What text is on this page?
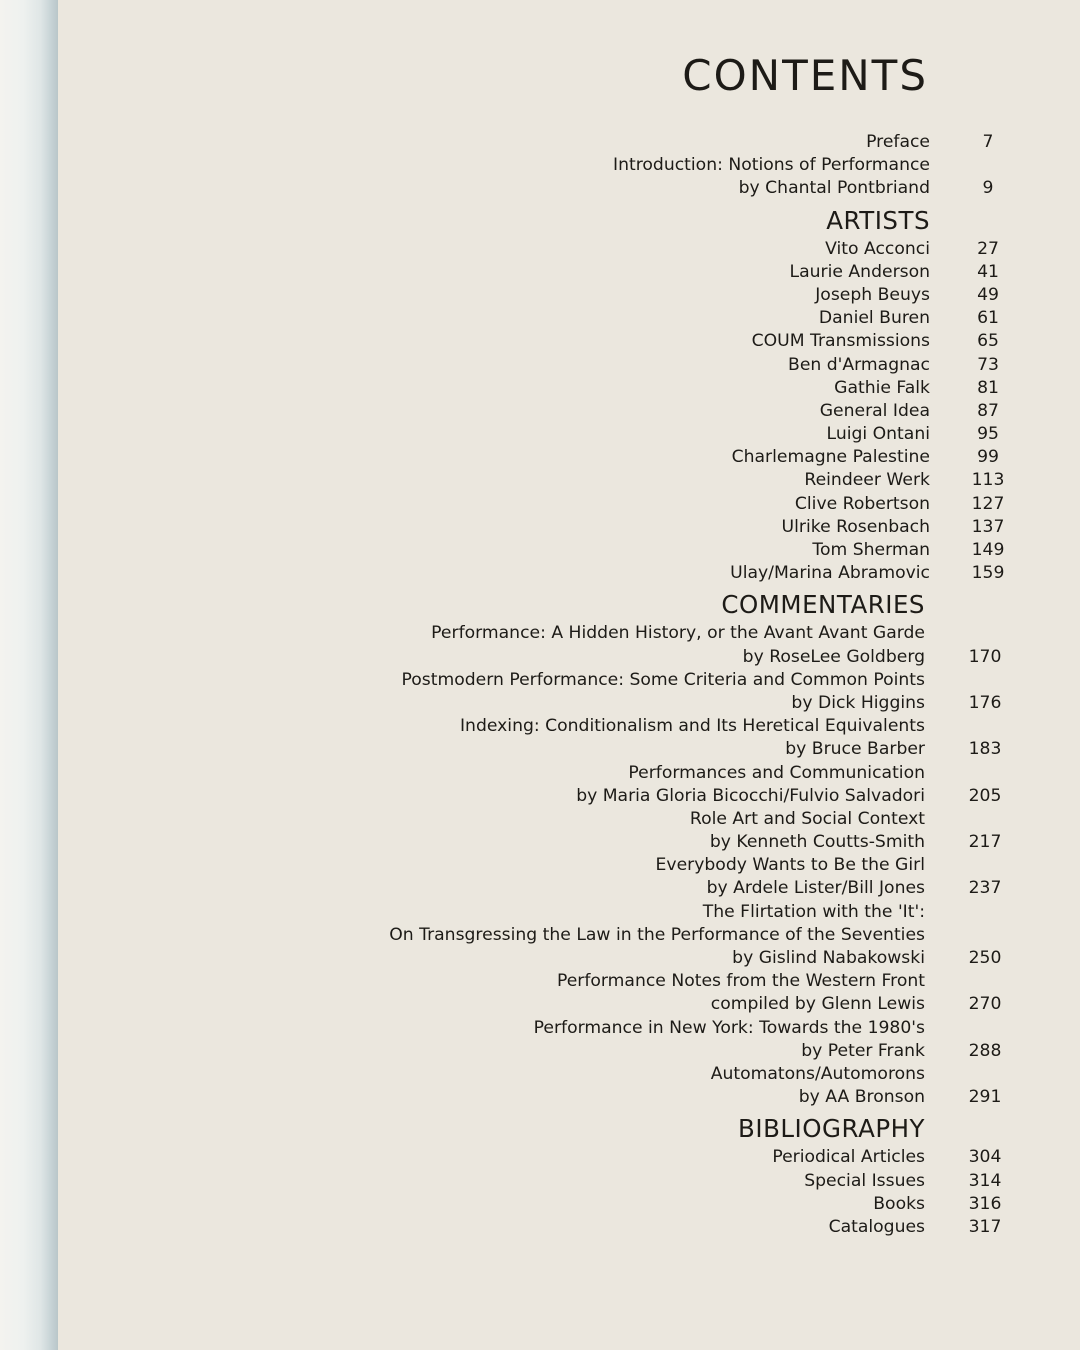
CONTENTS
Preface	7
Introduction: Notions of Performance
by Chantal Pontbriand	9
ARTISTS
Vito Acconci	27
Laurie Anderson	41
Joseph Beuys	49
Daniel Buren	61
COUM Transmissions	65
Ben d'Armagnac	73
Gathie Falk	81
General Idea	87
Luigi Ontani	95
Charlemagne Palestine	99
Reindeer Werk	113
Clive Robertson	127
Ulrike Rosenbach	137
Tom Sherman	149
Ulay/Marina Abramovic	159
COMMENTARIES
Performance: A Hidden History, or the Avant Avant Garde
by RoseLee Goldberg	170
Postmodern Performance: Some Criteria and Common Points
by Dick Higgins	176
Indexing: Conditionalism and Its Heretical Equivalents
by Bruce Barber	183
Performances and Communication
by Maria Gloria Bicocchi/Fulvio Salvadori	205
Role Art and Social Context
by Kenneth Coutts-Smith	217
Everybody Wants to Be the Girl
by Ardele Lister/Bill Jones	237
The Flirtation with the 'It':
On Transgressing the Law in the Performance of the Seventies
by Gislind Nabakowski	250
Performance Notes from the Western Front
compiled by Glenn Lewis	270
Performance in New York: Towards the 1980's
by Peter Frank	288
Automatons/Automorons
by AA Bronson	291
BIBLIOGRAPHY
Periodical Articles	304
Special Issues	314
Books	316
Catalogues	317
